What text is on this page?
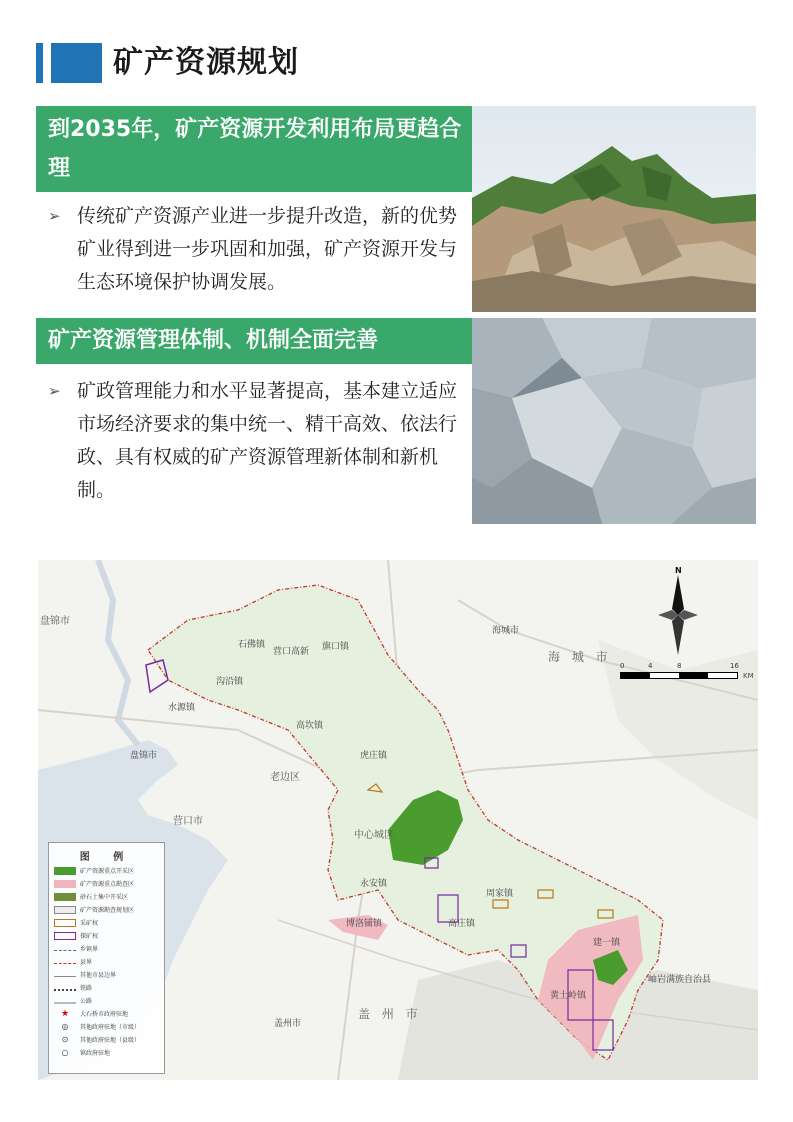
矿产资源规划
到2035年，矿产资源开发利用布局更趋合理
➢ 传统矿产资源产业进一步提升改造，新的优势矿业得到进一步巩固和加强，矿产资源开发与生态环境保护协调发展。
矿产资源管理体制、机制全面完善
➢ 矿政管理能力和水平显著提高，基本建立适应市场经济要求的集中统一、精干高效、依法行政、具有权威的矿产资源管理新体制和新机制。
N
0	4	8	16
KM
盘锦市
盘锦市
海城市
海 城 市
老边区
营口市
盖州市
盖 州 市
岫岩满族自治县
石佛镇
营口高新 旗口镇
沟沿镇
水源镇
高坎镇
虎庄镇
中心城区
永安镇
周家镇
博洛铺镇	高庄镇
建一镇
黄土岭镇
图 例
矿产资源重点开采区
矿产资源重点勘查区
砂石土集中开采区
矿产资源勘查规划区
采矿权
探矿权
乡镇界
县界
其他市县边界
铁路
公路
★	大石桥市政府驻地
◎	其他政府驻地（市级）
⊙	其他政府驻地（县级）
○	镇政府驻地
